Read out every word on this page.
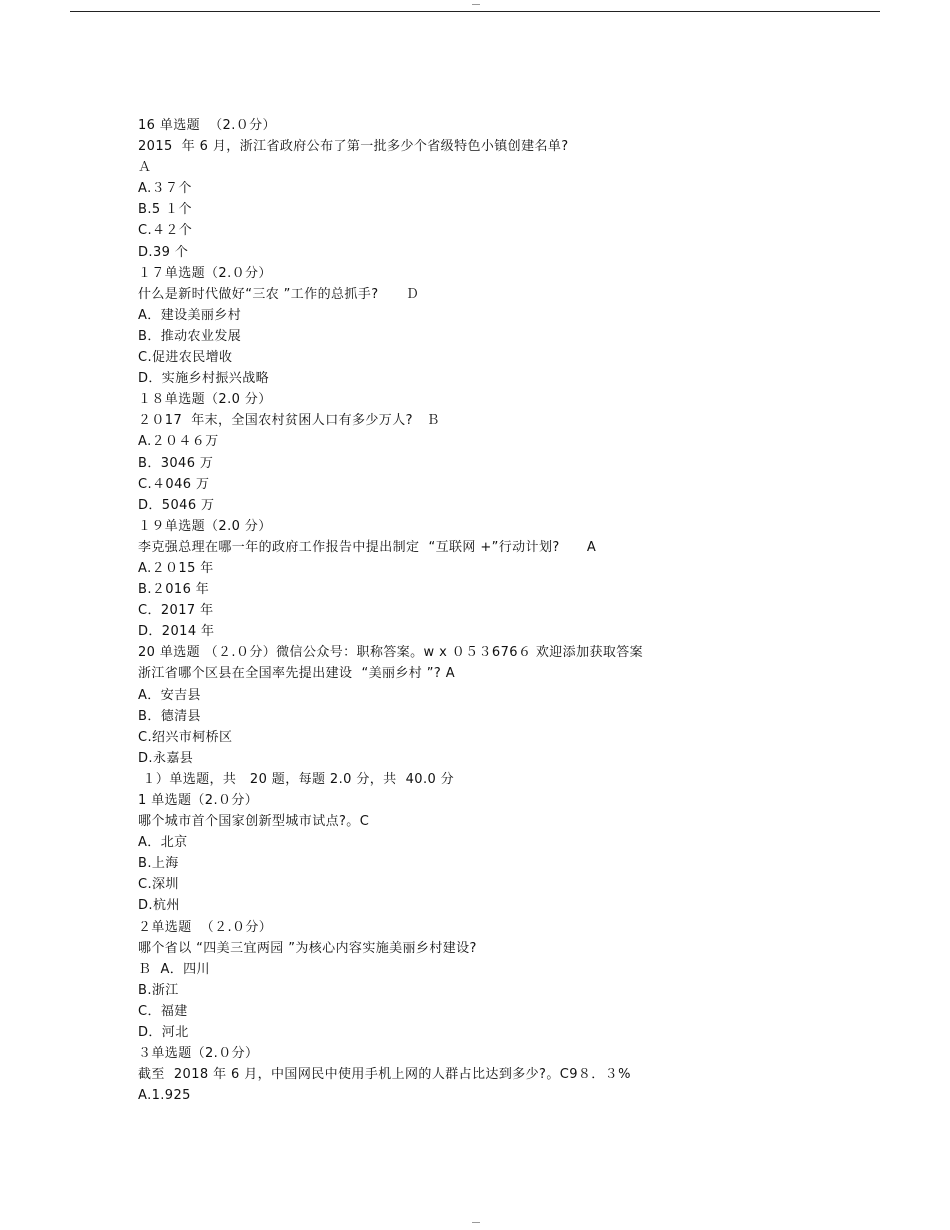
16 单选题  （2.０分）
2015  年 6 月，浙江省政府公布了第一批多少个省级特色小镇创建名单?
Ａ
A.３７个
B.5 １个
C.４２个
D.39 个
１７单选题（2.０分）
什么是新时代做好“三农 ”工作的总抓手?      Ｄ
A．建设美丽乡村
B．推动农业发展
C.促进农民增收
D．实施乡村振兴战略
１８单选题（2.0 分）
２０17  年末，全国农村贫困人口有多少万人?   Ｂ
A.２０４６万
B．3046 万
C.４046 万
D．5046 万
１９单选题（2.0 分）
李克强总理在哪一年的政府工作报告中提出制定  “互联网 +”行动计划?      A
A.２０15 年
B.２016 年
C．2017 年
D．2014 年
20 单选题 （２.０分）微信公众号：职称答案。w x ０５３676６ 欢迎添加获取答案
浙江省哪个区县在全国率先提出建设  “美丽乡村 ”? A
A．安吉县
B．德清县
C.绍兴市柯桥区
D.永嘉县
１）单选题，共   20 题，每题 2.0 分，共  40.0 分
1 单选题（2.０分）
哪个城市首个国家创新型城市试点?。C
A．北京
B.上海
C.深圳
D.杭州
２单选题  （２.０分）
哪个省以 “四美三宜两园 ”为核心内容实施美丽乡村建设?
Ｂ  A．四川
B.浙江
C．福建
D．河北
３单选题（2.０分）
截至  2018 年 6 月，中国网民中使用手机上网的人群占比达到多少?。C9８．３%
A.1.925
